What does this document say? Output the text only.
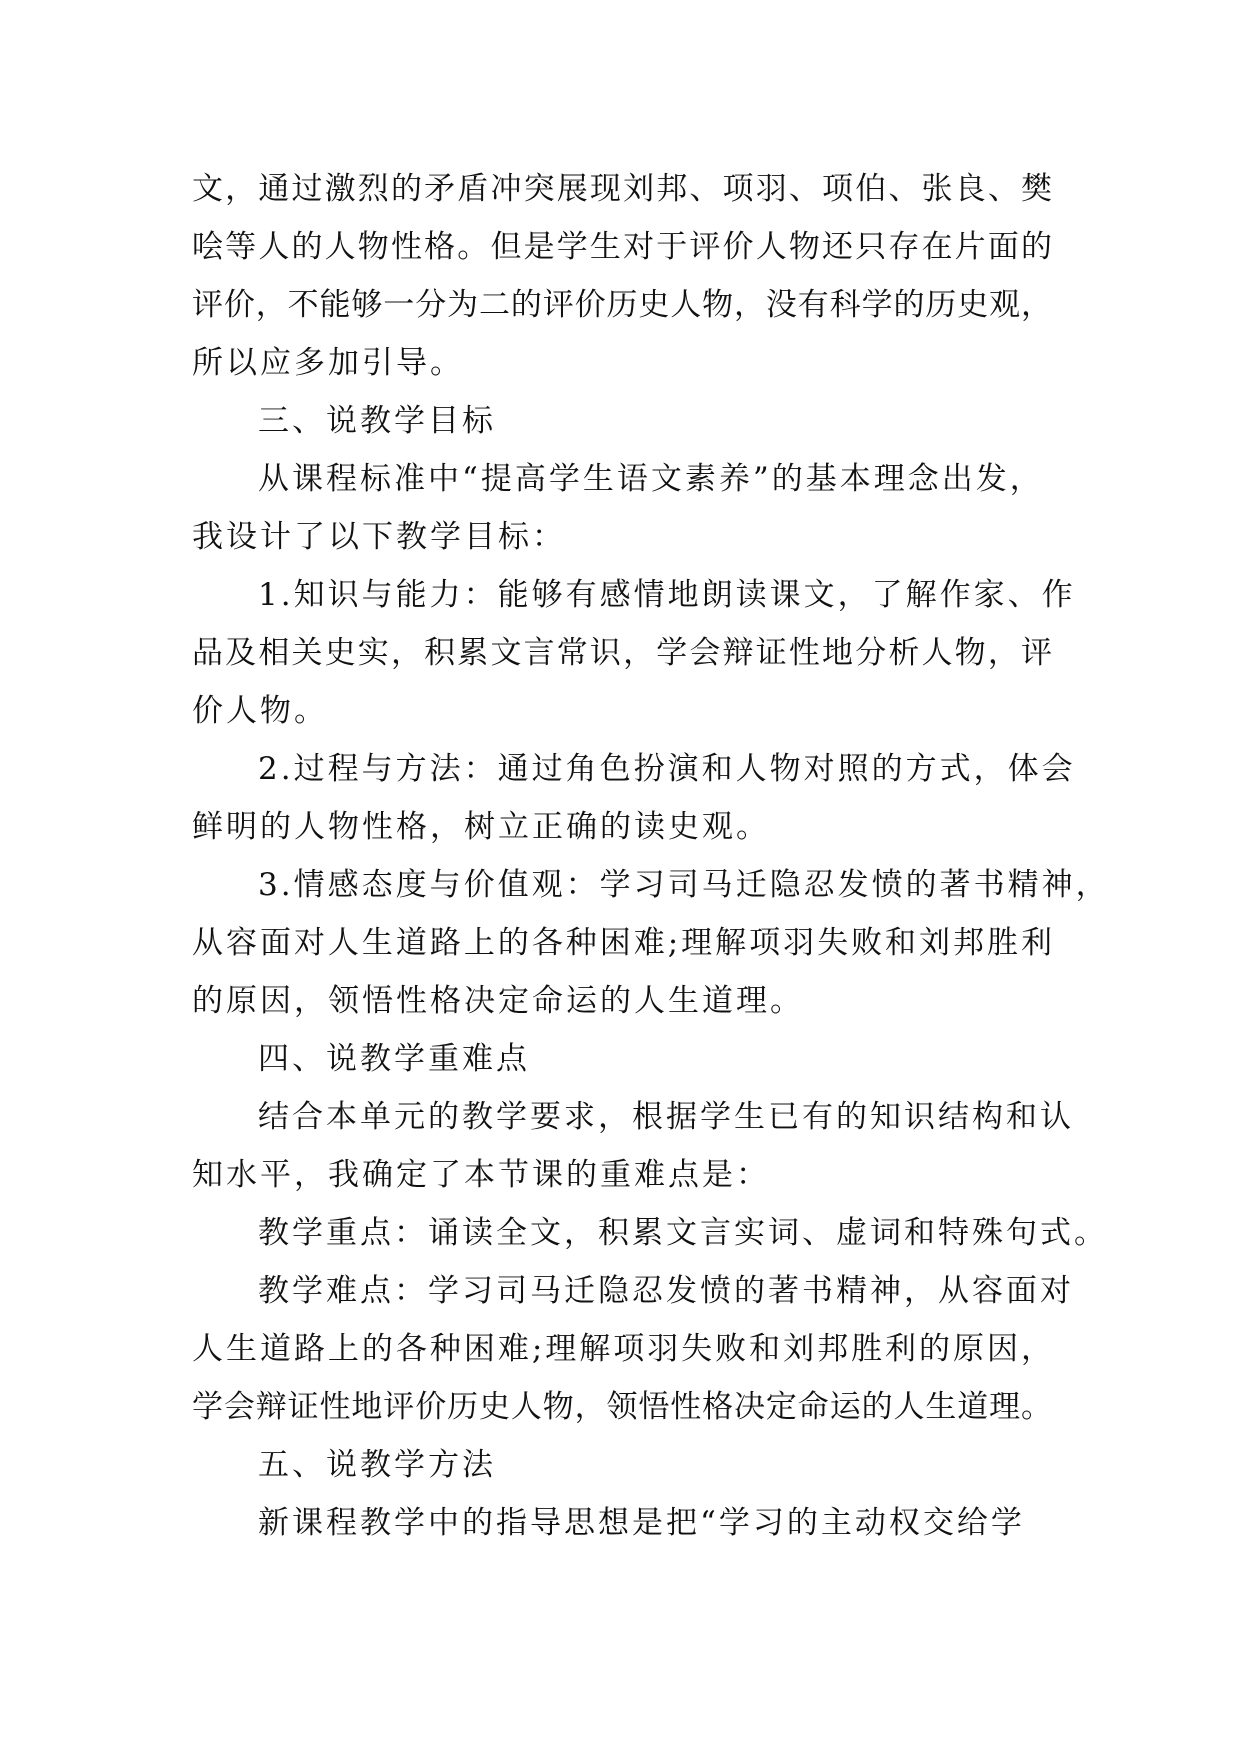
文，通过激烈的矛盾冲突展现刘邦、项羽、项伯、张良、樊
哙等人的人物性格。但是学生对于评价人物还只存在片面的
评价，不能够一分为二的评价历史人物，没有科学的历史观，
所以应多加引导。
三、说教学目标
从课程标准中“提高学生语文素养”的基本理念出发，
我设计了以下教学目标：
1.知识与能力：能够有感情地朗读课文，了解作家、作
品及相关史实，积累文言常识，学会辩证性地分析人物，评
价人物。
2.过程与方法：通过角色扮演和人物对照的方式，体会
鲜明的人物性格，树立正确的读史观。
3.情感态度与价值观：学习司马迁隐忍发愤的著书精神，
从容面对人生道路上的各种困难;理解项羽失败和刘邦胜利
的原因，领悟性格决定命运的人生道理。
四、说教学重难点
结合本单元的教学要求，根据学生已有的知识结构和认
知水平，我确定了本节课的重难点是：
教学重点：诵读全文，积累文言实词、虚词和特殊句式。
教学难点：学习司马迁隐忍发愤的著书精神，从容面对
人生道路上的各种困难;理解项羽失败和刘邦胜利的原因，
学会辩证性地评价历史人物，领悟性格决定命运的人生道理。
五、说教学方法
新课程教学中的指导思想是把“学习的主动权交给学
